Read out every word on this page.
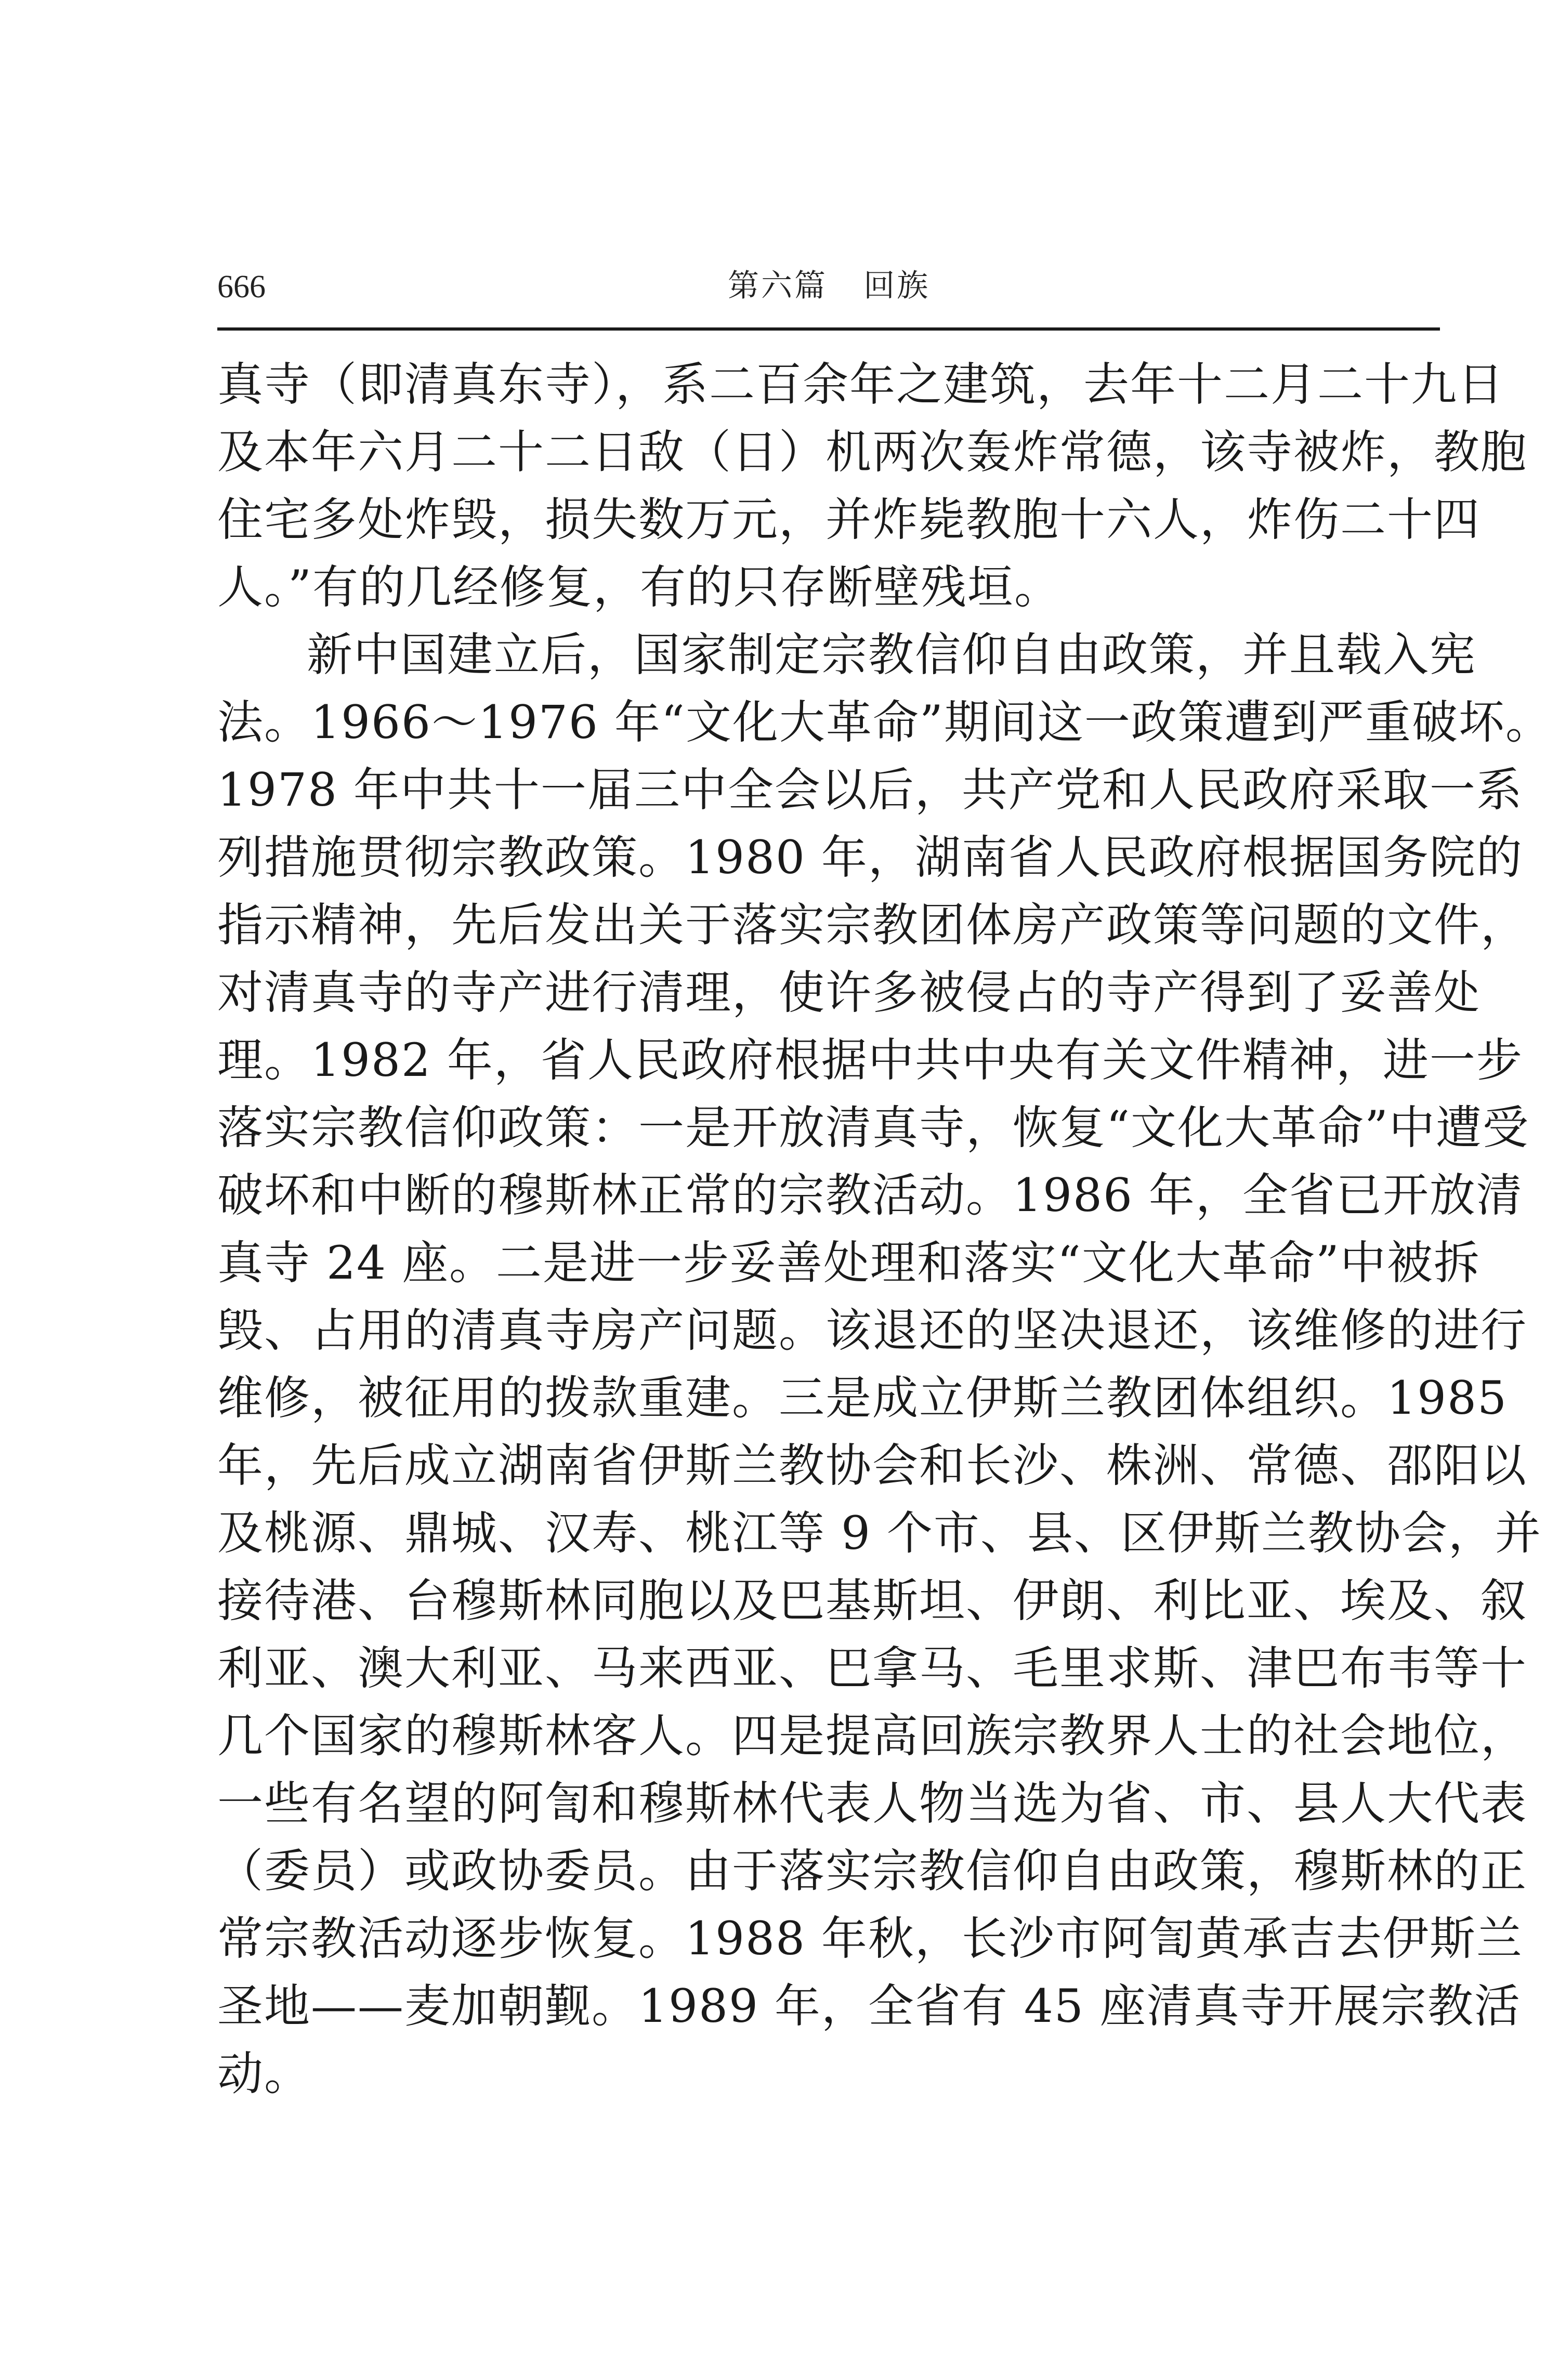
666	第六篇   回族
真寺（即清真东寺），系二百余年之建筑，去年十二月二十九日
及本年六月二十二日敌（日）机两次轰炸常德，该寺被炸，教胞
住宅多处炸毁，损失数万元，并炸毙教胞十六人，炸伤二十四
人。”有的几经修复，有的只存断壁残垣。
新中国建立后，国家制定宗教信仰自由政策，并且载入宪
法。1966～1976 年“文化大革命”期间这一政策遭到严重破坏。
1978 年中共十一届三中全会以后，共产党和人民政府采取一系
列措施贯彻宗教政策。1980 年，湖南省人民政府根据国务院的
指示精神，先后发出关于落实宗教团体房产政策等问题的文件，
对清真寺的寺产进行清理，使许多被侵占的寺产得到了妥善处
理。1982 年，省人民政府根据中共中央有关文件精神，进一步
落实宗教信仰政策：一是开放清真寺，恢复“文化大革命”中遭受
破坏和中断的穆斯林正常的宗教活动。1986 年，全省已开放清
真寺 24 座。二是进一步妥善处理和落实“文化大革命”中被拆
毁、占用的清真寺房产问题。该退还的坚决退还，该维修的进行
维修，被征用的拨款重建。三是成立伊斯兰教团体组织。1985
年，先后成立湖南省伊斯兰教协会和长沙、株洲、常德、邵阳以
及桃源、鼎城、汉寿、桃江等 9 个市、县、区伊斯兰教协会，并
接待港、台穆斯林同胞以及巴基斯坦、伊朗、利比亚、埃及、叙
利亚、澳大利亚、马来西亚、巴拿马、毛里求斯、津巴布韦等十
几个国家的穆斯林客人。四是提高回族宗教界人士的社会地位，
一些有名望的阿訇和穆斯林代表人物当选为省、市、县人大代表
（委员）或政协委员。由于落实宗教信仰自由政策，穆斯林的正
常宗教活动逐步恢复。1988 年秋，长沙市阿訇黄承吉去伊斯兰
圣地——麦加朝觐。1989 年，全省有 45 座清真寺开展宗教活
动。
